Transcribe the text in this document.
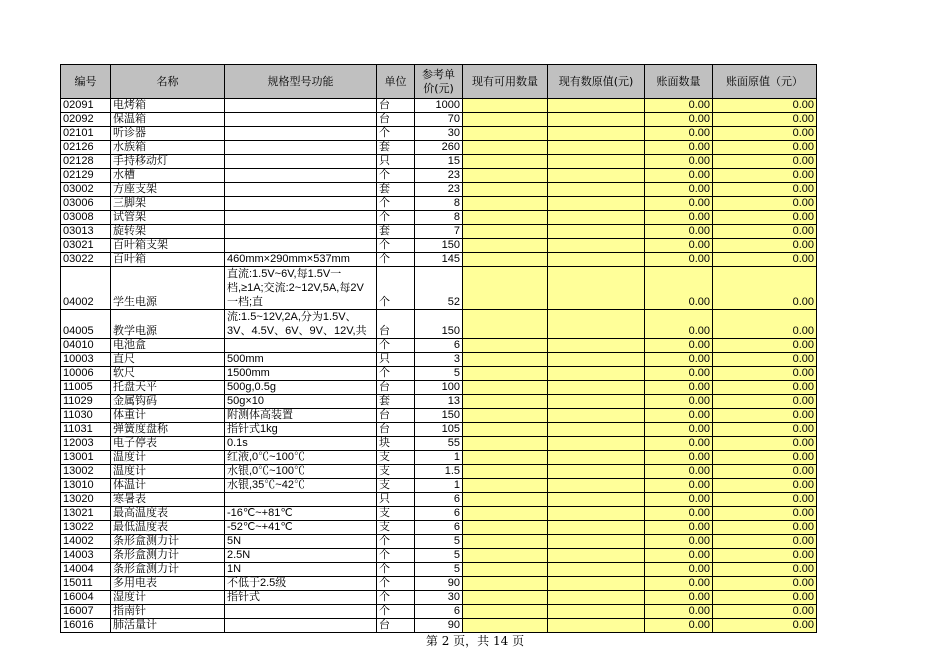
编号	名称	规格型号功能	单位	参考单价(元)	现有可用数量	现有数原值(元)	账面数量	账面原值（元）
02091	电烤箱		台	1000			0.00	0.00
02092	保温箱		台	70			0.00	0.00
02101	听诊器		个	30			0.00	0.00
02126	水族箱		套	260			0.00	0.00
02128	手持移动灯		只	15			0.00	0.00
02129	水槽		个	23			0.00	0.00
03002	方座支架		套	23			0.00	0.00
03006	三脚架		个	8			0.00	0.00
03008	试管架		个	8			0.00	0.00
03013	旋转架		套	7			0.00	0.00
03021	百叶箱支架		个	150			0.00	0.00
03022	百叶箱	460mm×290mm×537mm	个	145			0.00	0.00
04002	学生电源	直流:1.5V~6V,每1.5V一档,≥1A;交流:2~12V,5A,每2V一档;直	个	52			0.00	0.00
04005	教学电源	流:1.5~12V,2A,分为1.5V、3V、4.5V、6V、9V、12V,共	台	150			0.00	0.00
04010	电池盒		个	6			0.00	0.00
10003	直尺	500mm	只	3			0.00	0.00
10006	软尺	1500mm	个	5			0.00	0.00
11005	托盘天平	500g,0.5g	台	100			0.00	0.00
11029	金属钩码	50g×10	套	13			0.00	0.00
11030	体重计	附测体高装置	台	150			0.00	0.00
11031	弹簧度盘称	指针式1kg	台	105			0.00	0.00
12003	电子停表	0.1s	块	55			0.00	0.00
13001	温度计	红液,0℃~100℃	支	1			0.00	0.00
13002	温度计	水银,0℃~100℃	支	1.5			0.00	0.00
13010	体温计	水银,35℃~42℃	支	1			0.00	0.00
13020	寒暑表		只	6			0.00	0.00
13021	最高温度表	-16℃~+81℃	支	6			0.00	0.00
13022	最低温度表	-52℃~+41℃	支	6			0.00	0.00
14002	条形盒测力计	5N	个	5			0.00	0.00
14003	条形盒测力计	2.5N	个	5			0.00	0.00
14004	条形盒测力计	1N	个	5			0.00	0.00
15011	多用电表	不低于2.5级	个	90			0.00	0.00
16004	湿度计	指针式	个	30			0.00	0.00
16007	指南针		个	6			0.00	0.00
16016	肺活量计		台	90			0.00	0.00
第 2 页，共 14 页
